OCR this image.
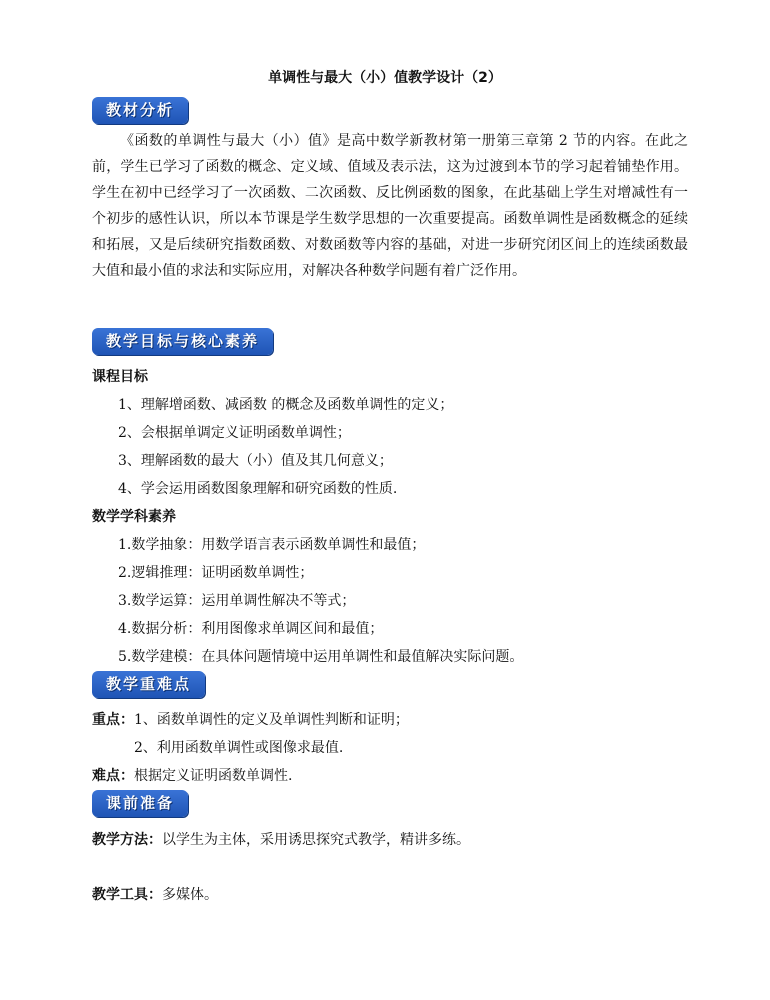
单调性与最大（小）值教学设计（2）
教材分析
《函数的单调性与最大（小）值》是高中数学新教材第一册第三章第 2 节的内容。在此之前，学生已学习了函数的概念、定义域、值域及表示法，这为过渡到本节的学习起着铺垫作用。学生在初中已经学习了一次函数、二次函数、反比例函数的图象，在此基础上学生对增减性有一个初步的感性认识，所以本节课是学生数学思想的一次重要提高。函数单调性是函数概念的延续和拓展，又是后续研究指数函数、对数函数等内容的基础，对进一步研究闭区间上的连续函数最大值和最小值的求法和实际应用，对解决各种数学问题有着广泛作用。
教学目标与核心素养
课程目标
1、理解增函数、减函数 的概念及函数单调性的定义；
2、会根据单调定义证明函数单调性；
3、理解函数的最大（小）值及其几何意义；
4、学会运用函数图象理解和研究函数的性质.
数学学科素养
1.数学抽象：用数学语言表示函数单调性和最值；
2.逻辑推理：证明函数单调性；
3.数学运算：运用单调性解决不等式；
4.数据分析：利用图像求单调区间和最值；
5.数学建模：在具体问题情境中运用单调性和最值解决实际问题。
教学重难点
重点：1、函数单调性的定义及单调性判断和证明；
2、利用函数单调性或图像求最值.
难点：根据定义证明函数单调性.
课前准备
教学方法：以学生为主体，采用诱思探究式教学，精讲多练。
教学工具：多媒体。
